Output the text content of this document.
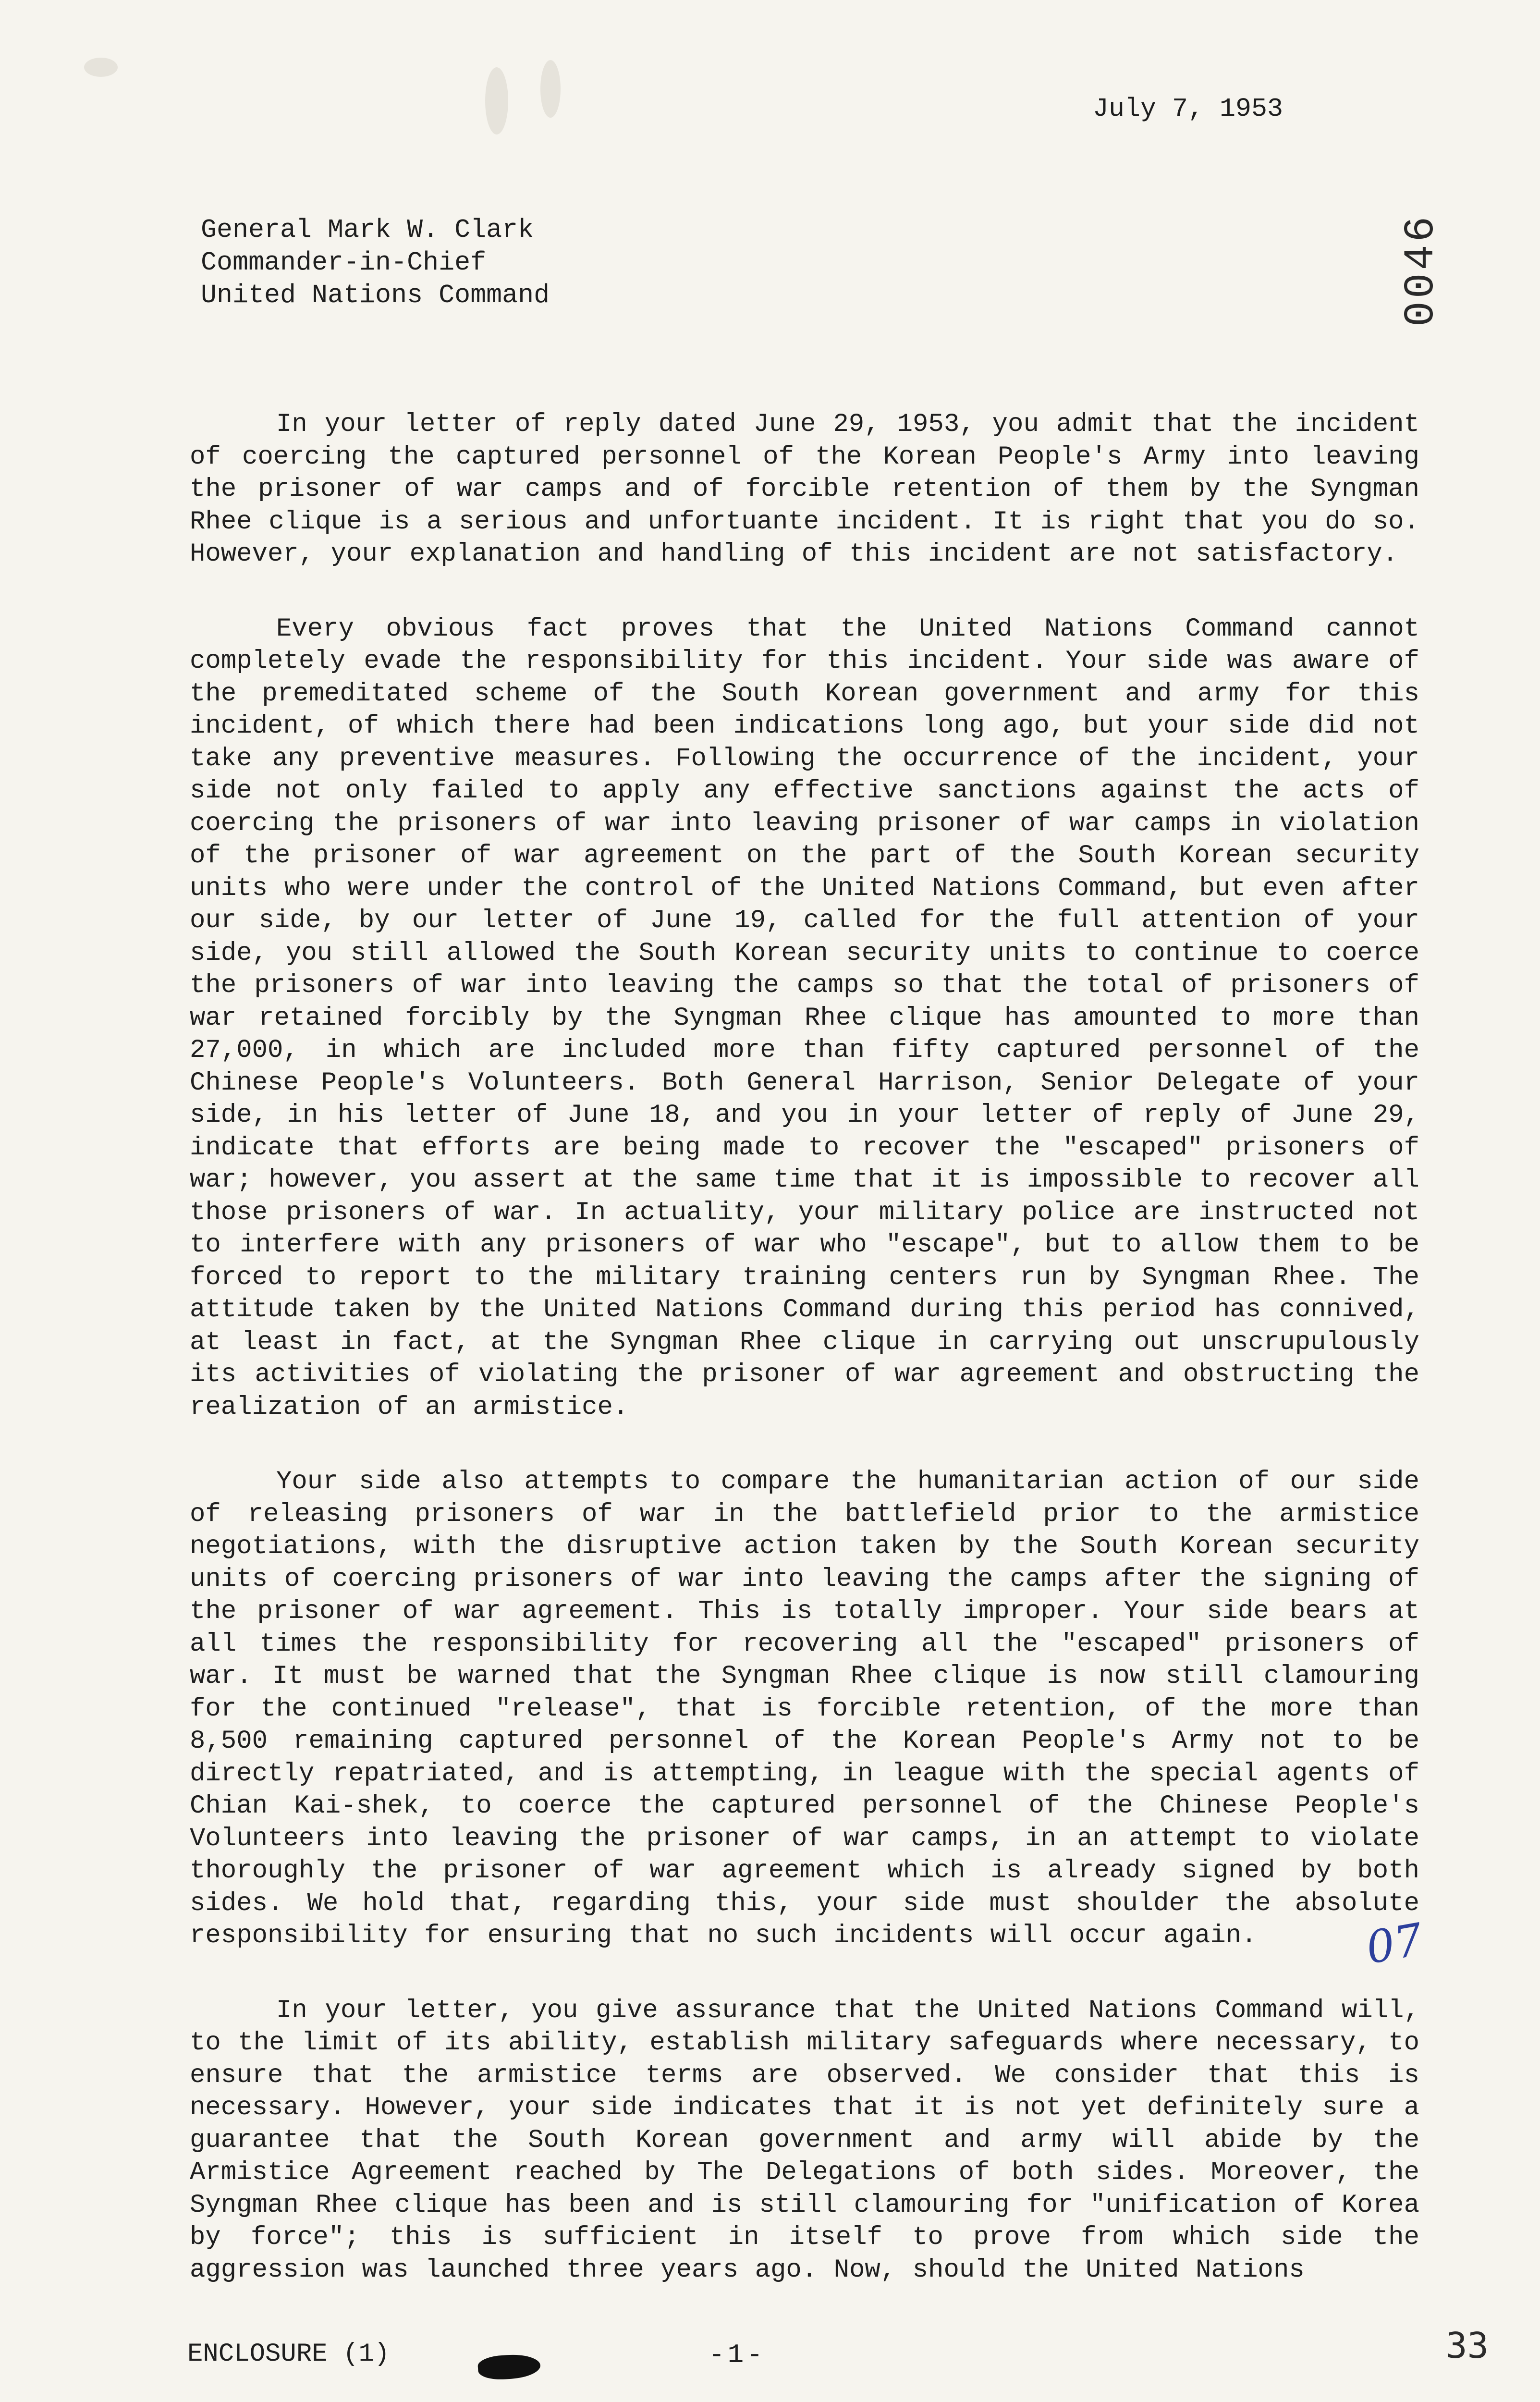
July 7, 1953
General Mark W. Clark
Commander-in-Chief
United Nations Command	0046

In your letter of reply dated June 29, 1953, you admit that the incident of coercing the captured personnel of the Korean People's Army into leaving the prisoner of war camps and of forcible retention of them by the Syngman Rhee clique is a serious and unfortuante incident. It is right that you do so. However, your explanation and handling of this incident are not satisfactory.

Every obvious fact proves that the United Nations Command cannot completely evade the responsibility for this incident. Your side was aware of the premeditated scheme of the South Korean government and army for this incident, of which there had been indications long ago, but your side did not take any preventive measures. Following the occurrence of the incident, your side not only failed to apply any effective sanctions against the acts of coercing the prisoners of war into leaving prisoner of war camps in violation of the prisoner of war agreement on the part of the South Korean security units who were under the control of the United Nations Command, but even after our side, by our letter of June 19, called for the full attention of your side, you still allowed the South Korean security units to continue to coerce the prisoners of war into leaving the camps so that the total of prisoners of war retained forcibly by the Syngman Rhee clique has amounted to more than 27,000, in which are included more than fifty captured personnel of the Chinese People's Volunteers. Both General Harrison, Senior Delegate of your side, in his letter of June 18, and you in your letter of reply of June 29, indicate that efforts are being made to recover the "escaped" prisoners of war; however, you assert at the same time that it is impossible to recover all those prisoners of war. In actuality, your military police are instructed not to interfere with any prisoners of war who "escape", but to allow them to be forced to report to the military training centers run by Syngman Rhee. The attitude taken by the United Nations Command during this period has connived, at least in fact, at the Syngman Rhee clique in carrying out unscrupulously its activities of violating the prisoner of war agreement and obstructing the realization of an armistice.

Your side also attempts to compare the humanitarian action of our side of releasing prisoners of war in the battlefield prior to the armistice negotiations, with the disruptive action taken by the South Korean security units of coercing prisoners of war into leaving the camps after the signing of the prisoner of war agreement. This is totally improper. Your side bears at all times the responsibility for recovering all the "escaped" prisoners of war. It must be warned that the Syngman Rhee clique is now still clamouring for the continued "release", that is forcible retention, of the more than 8,500 remaining captured personnel of the Korean People's Army not to be directly repatriated, and is attempting, in league with the special agents of Chian Kai-shek, to coerce the captured personnel of the Chinese People's Volunteers into leaving the prisoner of war camps, in an attempt to violate thoroughly the prisoner of war agreement which is already signed by both sides. We hold that, regarding this, your side must shoulder the absolute responsibility for ensuring that no such incidents will occur again.

In your letter, you give assurance that the United Nations Command will, to the limit of its ability, establish military safeguards where necessary, to ensure that the armistice terms are observed. We consider that this is necessary. However, your side indicates that it is not yet definitely sure a guarantee that the South Korean government and army will abide by the Armistice Agreement reached by The Delegations of both sides. Moreover, the Syngman Rhee clique has been and is still clamouring for "unification of Korea by force"; this is sufficient in itself to prove from which side the aggression was launched three years ago. Now, should the United Nations

07
ENCLOSURE (1)	-1-	33
